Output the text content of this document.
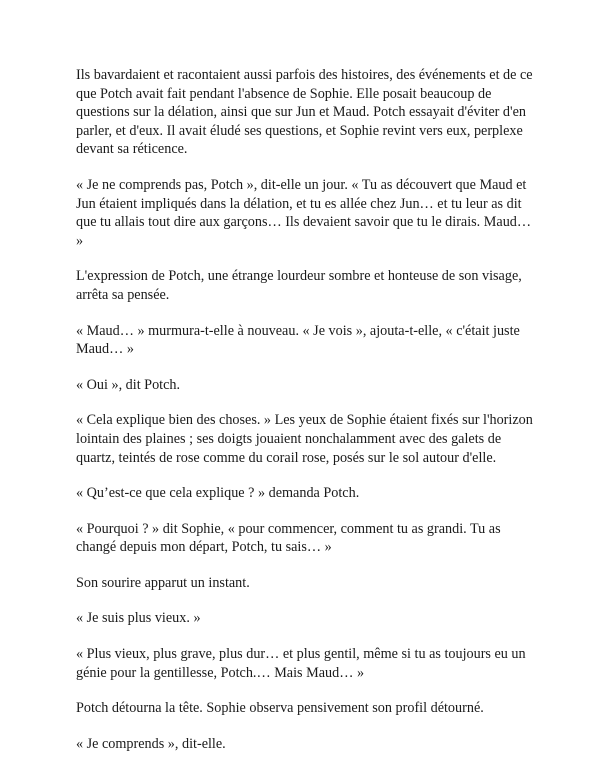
Ils bavardaient et racontaient aussi parfois des histoires, des événements et de ce que Potch avait fait pendant l'absence de Sophie. Elle posait beaucoup de questions sur la délation, ainsi que sur Jun et Maud. Potch essayait d'éviter d'en parler, et d'eux. Il avait éludé ses questions, et Sophie revint vers eux, perplexe devant sa réticence.

« Je ne comprends pas, Potch », dit-elle un jour. « Tu as découvert que Maud et Jun étaient impliqués dans la délation, et tu es allée chez Jun… et tu leur as dit que tu allais tout dire aux garçons… Ils devaient savoir que tu le dirais. Maud… »

L'expression de Potch, une étrange lourdeur sombre et honteuse de son visage, arrêta sa pensée.

« Maud… » murmura-t-elle à nouveau. « Je vois », ajouta-t-elle, « c'était juste Maud… »

« Oui », dit Potch.

« Cela explique bien des choses. » Les yeux de Sophie étaient fixés sur l'horizon lointain des plaines ; ses doigts jouaient nonchalamment avec des galets de quartz, teintés de rose comme du corail rose, posés sur le sol autour d'elle.

« Qu’est-ce que cela explique ? » demanda Potch.

« Pourquoi ? » dit Sophie, « pour commencer, comment tu as grandi. Tu as changé depuis mon départ, Potch, tu sais… »

Son sourire apparut un instant.

« Je suis plus vieux. »

« Plus vieux, plus grave, plus dur… et plus gentil, même si tu as toujours eu un génie pour la gentillesse, Potch.… Mais Maud… »

Potch détourna la tête. Sophie observa pensivement son profil détourné.

« Je comprends », dit-elle.
